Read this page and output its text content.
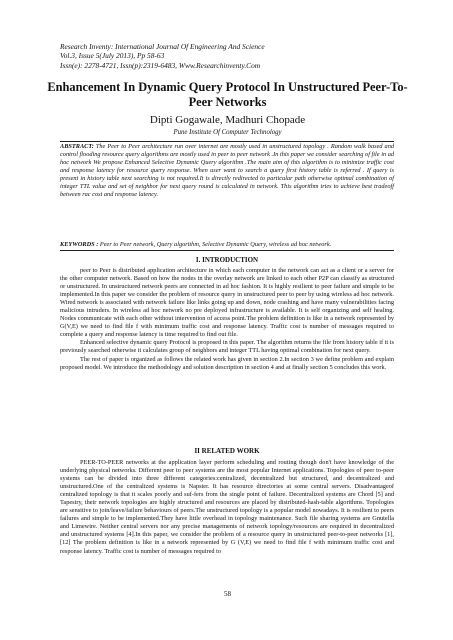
Research Inventy: International Journal Of Engineering And Science
Vol.3, Issue 5(July 2013), Pp 58-63
Issn(e): 2278-4721, Issn(p):2319-6483, Www.Researchinventy.Com
Enhancement In Dynamic Query Protocol In Unstructured Peer-To-Peer Networks
Dipti Gogawale, Madhuri Chopade
Pune Institute Of Computer Technology
ABSTRACT: The Peer to Peer architecture run over internet are mostly used in unstructured topology . Random walk based and control flooding resource query algorithms are mostly used in peer to peer network .In this paper we consider searching of file in ad hoc network We propose Enhanced Selective Dynamic Query algorithm .The main aim of this algorithm is to minimize traffic cost and response latency for resource query response. When user want to search a query first history table is referred . If query is present in history table next searching is not required.It is directly redirected to particular path otherwise optimal combination of integer TTL value and set of neighbor for next query round is calculated in network. This algorithm tries to achieve best tradeoff between rac cost and response latency.
KEYWORDS : Peer to Peer network, Query algorithm, Selective Dynamic Query, wireless ad hoc network.
I. INTRODUCTION

peer to Peer is distributed application architecture in which each computer in the network can act as a client or a server for the other computer network. Based on how the nodes in the overlay network are linked to each other P2P can classify as structured or unstructured. In unstructured network peers are connected in ad hoc fashion. It is highly resilient to peer failure and simple to be implemented.In this paper we consider the problem of resource query in unstructured peer to peer by using wireless ad hoc network. Wired network is associated with network failure like links going up and down, node crashing and have many vulnerabilities facing malicious intruders. In wireless ad hoc network no pre deployed infrastructure is available. It is self organizing and self healing. Nodes communicate with each other without intervention of access point.The problem definition is like in a network represented by G(V,E) we need to find file f with minimum traffic cost and response latency. Traffic cost is number of messages required to complete a query and response latency is time required to find out file.

Enhanced selective dynamic query Protocol is proposed in this paper. The algorithm returns the file from history table if it is previously searched otherwise it calculates group of neighbors and integer TTL having optimal combination for next query.

The rest of paper is organized as follows the related work has given in section 2.In section 3 we define problem and explain proposed model. We introduce the methodology and solution description in section 4 and at finally section 5 concludes this work.

II RELATED WORK

PEER-TO-PEER networks at the application layer perform scheduling and routing though don't have knowledge of the underlying physical networks. Different peer to peer systems are the most popular Internet applications. Topologies of peer to-peer systems can be divided into three different categories:centralized, decentralized but structured, and decentralized and unstructured.One of the centralized systems is Napster. It has resource directories at some central servers. Disadvantageof centralized topology is that it scales poorly and suf-fers from the single point of failure. Decentralized systems are Chord [5] and Tapestry, their network topologies are highly structured and resources are placed by distributed-hash-table algorithms. Topologies are sensitive to join/leave/failure behaviours of peers.The unstructured topology is a popular model nowadays. It is resilient to peers failures and simple to be implemented.They have little overhead in topology maintenance. Such file sharing systems are Gnutella and Limewire. Neither central servers nor any precise managements of network topology/resources are required in decentralized and unstructured systems [4].In this paper, we consider the problem of a resource query in unstructured peer-to-peer networks [1], [12] The problem definition is like in a network represented by G (V,E) we need to find file f with minimum traffic cost and response latency. Traffic cost is number of messages required to

58
